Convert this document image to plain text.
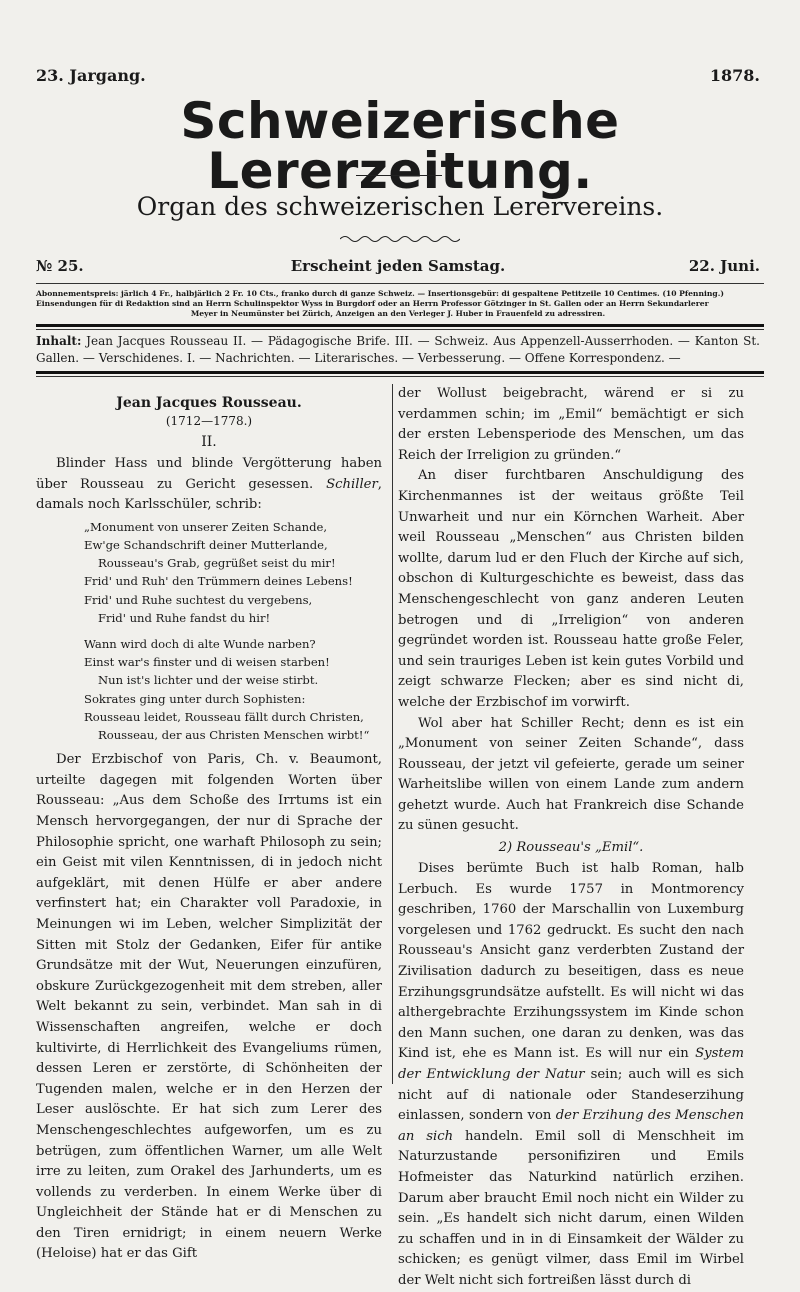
23. Jargang.	1878.
Schweizerische Lererzeitung.
Organ des schweizerischen Lerervereins.
№ 25.	Erscheint jeden Samstag.	22. Juni.
Abonnementspreis: järlich 4 Fr., halbjärlich 2 Fr. 10 Cts., franko durch di ganze Schweiz. — Insertionsgebür: di gespaltene Petitzeile 10 Centimes. (10 Pfenning.)
Einsendungen für di Redaktion sind an Herrn Schulinspektor Wyss in Burgdorf oder an Herrn Professor Götzinger in St. Gallen oder an Herrn Sekundarlerer
Meyer in Neumünster bei Zürich, Anzeigen an den Verleger J. Huber in Frauenfeld zu adressiren.
Inhalt: Jean Jacques Rousseau II. — Pädagogische Brife. III. — Schweiz. Aus Appenzell-Ausserrhoden. — Kanton St. Gallen. — Verschidenes. I. — Nachrichten. — Literarisches. — Verbesserung. — Offene Korrespondenz. —
Jean Jacques Rousseau.
(1712—1778.)
II.

Blinder Hass und blinde Vergötterung haben über Rousseau zu Gericht gesessen. Schiller, damals noch Karlsschüler, schrib:

„Monument von unserer Zeiten Schande,
Ew'ge Schandschrift deiner Mutterlande,
Rousseau's Grab, gegrüßet seist du mir!
Frid' und Ruh' den Trümmern deines Lebens!
Frid' und Ruhe suchtest du vergebens,
Frid' und Ruhe fandst du hir!
Wann wird doch di alte Wunde narben?
Einst war's finster und di weisen starben!
Nun ist's lichter und der weise stirbt.
Sokrates ging unter durch Sophisten:
Rousseau leidet, Rousseau fällt durch Christen,
Rousseau, der aus Christen Menschen wirbt!“

Der Erzbischof von Paris, Ch. v. Beaumont, urteilte dagegen mit folgenden Worten über Rousseau: „Aus dem Schoße des Irrtums ist ein Mensch hervorgegangen, der nur di Sprache der Philosophie spricht, one warhaft Philosoph zu sein; ein Geist mit vilen Kenntnissen, di in jedoch nicht aufgeklärt, mit denen Hülfe er aber andere verfinstert hat; ein Charakter voll Paradoxie, in Meinungen wi im Leben, welcher Simplizität der Sitten mit Stolz der Gedanken, Eifer für antike Grundsätze mit der Wut, Neuerungen einzufüren, obskure Zurückgezogenheit mit dem streben, aller Welt bekannt zu sein, verbindet. Man sah in di Wissenschaften angreifen, welche er doch kultivirte, di Herrlichkeit des Evangeliums rümen, dessen Leren er zerstörte, di Schönheiten der Tugenden malen, welche er in den Herzen der Leser auslöschte. Er hat sich zum Lerer des Menschengeschlechtes aufgeworfen, um es zu betrügen, zum öffentlichen Warner, um alle Welt irre zu leiten, zum Orakel des Jarhunderts, um es vollends zu verderben. In einem Werke über di Ungleichheit der Stände hat er di Menschen zu den Tiren ernidrigt; in einem neuern Werke (Heloise) hat er das Gift

der Wollust beigebracht, wärend er si zu verdammen schin; im „Emil“ bemächtigt er sich der ersten Lebensperiode des Menschen, um das Reich der Irreligion zu gründen.“

An diser furchtbaren Anschuldigung des Kirchenmannes ist der weitaus größte Teil Unwarheit und nur ein Körnchen Warheit. Aber weil Rousseau „Menschen“ aus Christen bilden wollte, darum lud er den Fluch der Kirche auf sich, obschon di Kulturgeschichte es beweist, dass das Menschengeschlecht von ganz anderen Leuten betrogen und di „Irreligion“ von anderen gegründet worden ist. Rousseau hatte große Feler, und sein trauriges Leben ist kein gutes Vorbild und zeigt schwarze Flecken; aber es sind nicht di, welche der Erzbischof im vorwirft.

Wol aber hat Schiller Recht; denn es ist ein „Monument von seiner Zeiten Schande“, dass Rousseau, der jetzt vil gefeierte, gerade um seiner Warheitslibe willen von einem Lande zum andern gehetzt wurde. Auch hat Frankreich dise Schande zu sünen gesucht.

2) Rousseau's „Emil“.

Dises berümte Buch ist halb Roman, halb Lerbuch. Es wurde 1757 in Montmorency geschriben, 1760 der Marschallin von Luxemburg vorgelesen und 1762 gedruckt. Es sucht den nach Rousseau's Ansicht ganz verderbten Zustand der Zivilisation dadurch zu beseitigen, dass es neue Erzihungsgrundsätze aufstellt. Es will nicht wi das althergebrachte Erzihungssystem im Kinde schon den Mann suchen, one daran zu denken, was das Kind ist, ehe es Mann ist. Es will nur ein System der Entwicklung der Natur sein; auch will es sich nicht auf di nationale oder Standeserzihung einlassen, sondern von der Erzihung des Menschen an sich handeln. Emil soll di Menschheit im Naturzustande personifiziren und Emils Hofmeister das Naturkind natürlich erzihen. Darum aber braucht Emil noch nicht ein Wilder zu sein. „Es handelt sich nicht darum, einen Wilden zu schaffen und in in di Einsamkeit der Wälder zu schicken; es genügt vilmer, dass Emil im Wirbel der Welt nicht sich fortreißen lässt durch di
